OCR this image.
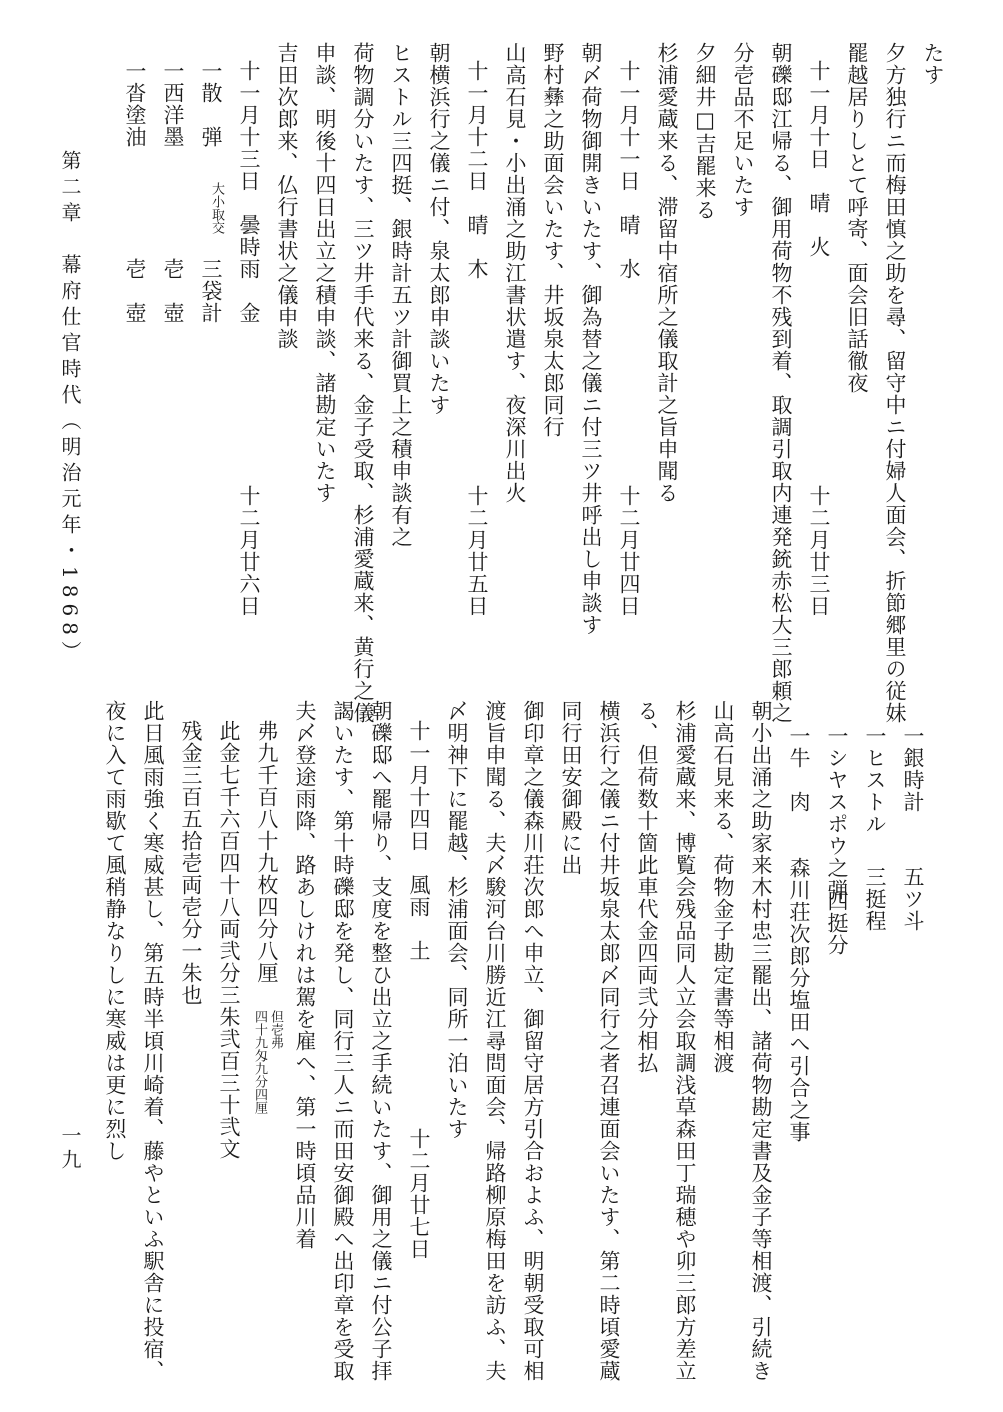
たす
夕方独行ニ而梅田慎之助を尋、留守中ニ付婦人面会、折節郷里の従妹
罷越居りしとて呼寄、面会旧話徹夜
十一月十日　晴　火
十二月廿三日
朝礫邸江帰る、御用荷物不残到着、取調引取内連発銃赤松大三郎頼之
分壱品不足いたす
夕細井□吉罷来る
杉浦愛蔵来る、滞留中宿所之儀取計之旨申聞る
十一月十一日　晴　水
十二月廿四日
朝〆荷物御開きいたす、御為替之儀ニ付三ツ井呼出し申談す
野村彝之助面会いたす、井坂泉太郎同行
山高石見・小出涌之助江書状遣す、夜深川出火
十一月十二日　晴　木
十二月廿五日
朝横浜行之儀ニ付、泉太郎申談いたす
ヒストル三四挺、銀時計五ツ計御買上之積申談有之
荷物調分いたす、三ツ井手代来る、金子受取、杉浦愛蔵来、黄行之儀
申談、明後十四日出立之積申談、諸勘定いたす
吉田次郎来、仏行書状之儀申談
十一月十三日　曇時雨　金
十二月廿六日
一散　弾
大小取交
三袋計
一西洋墨
壱　壺
一沓塗油
壱　壺
一銀時計
五ツ斗
一ヒストル
三挺程
一シヤスポウ之弾
四挺分
一牛　肉　　森川荘次郎分塩田へ引合之事
朝小出涌之助家来木村忠三罷出、諸荷物勘定書及金子等相渡、引続き
山高石見来る、荷物金子勘定書等相渡
杉浦愛蔵来、博覧会残品同人立会取調浅草森田丁瑞穂や卯三郎方差立
る、但荷数十箇此車代金四両弐分相払
横浜行之儀ニ付井坂泉太郎〆同行之者召連面会いたす、第二時頃愛蔵
同行田安御殿に出
御印章之儀森川荘次郎へ申立、御留守居方引合およふ、明朝受取可相
渡旨申聞る、夫〆駿河台川勝近江尋問面会、帰路柳原梅田を訪ふ、夫
〆明神下に罷越、杉浦面会、同所一泊いたす
十一月十四日　風雨　土
十二月廿七日
朝礫邸へ罷帰り、支度を整ひ出立之手続いたす、御用之儀ニ付公子拝
謁いたす、第十時礫邸を発し、同行三人ニ而田安御殿へ出印章を受取
夫〆登途雨降、路あしけれは駕を雇へ、第一時頃品川着
弗九千百八十九枚四分八厘
但壱弗
四十九匁九分四厘
此金七千六百四十八両弐分三朱弐百三十弐文
残金三百五拾壱両壱分一朱也
此日風雨強く寒威甚し、第五時半頃川崎着、藤やといふ駅舎に投宿、
夜に入て雨歇て風稍静なりしに寒威は更に烈し
第二章　幕府仕官時代（明治元年・1868）
一九
